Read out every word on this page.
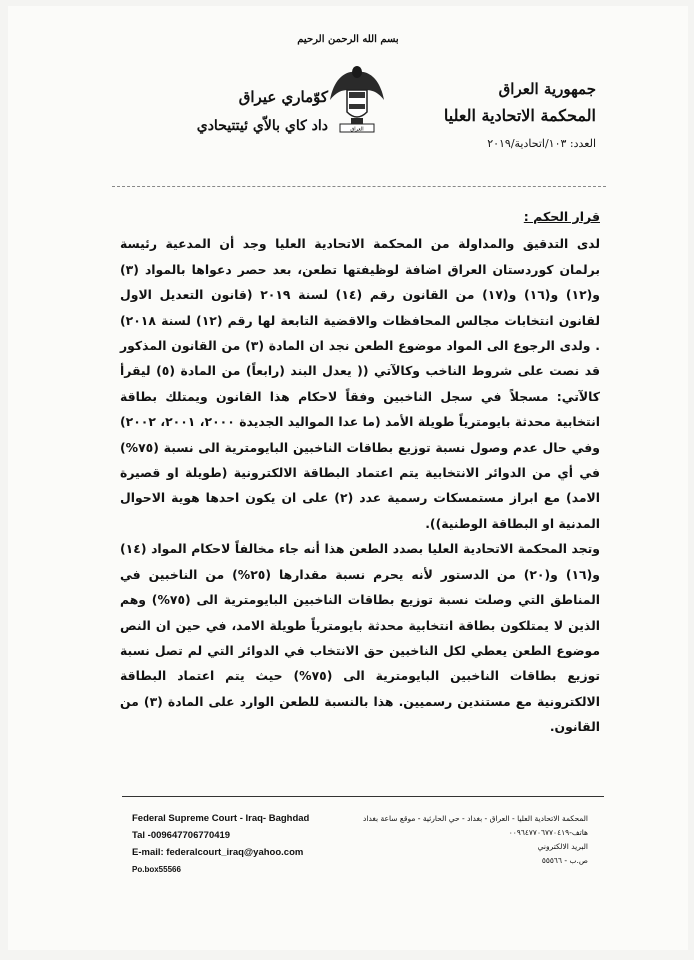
بسم الله الرحمن الرحيم
جمهورية العراق
المحكمة الاتحادية العليا
العدد: ١٠٣/اتحادية/٢٠١٩
العراق
كوّماري عيراق
داد كاي بالاّي ئيتتيحادي
قرار الحكم :

لدى التدقيق والمداولة من المحكمة الاتحادية العليا وجد أن المدعية رئيسة برلمان كوردستان العراق اضافة لوظيفتها تطعن، بعد حصر دعواها بالمواد (٣) و(١٢) و(١٦) و(١٧) من القانون رقم (١٤) لسنة ٢٠١٩ (قانون التعديل الاول لقانون انتخابات مجالس المحافظات والاقضية التابعة لها رقم (١٢) لسنة ٢٠١٨) . ولدى الرجوع الى المواد موضوع الطعن نجد ان المادة (٣) من القانون المذكور قد نصت على شروط الناخب وكالآتي (( يعدل البند (رابعاً) من المادة (٥) ليقرأ كالآتي: مسجلاً في سجل الناخبين وفقاً لاحكام هذا القانون ويمتلك بطاقة انتخابية محدثة بايومترياً طويلة الأمد (ما عدا المواليد الجديدة ٢٠٠٠، ٢٠٠١، ٢٠٠٢) وفي حال عدم وصول نسبة توزيع بطاقات الناخبين البايومترية الى نسبة (٧٥%) في أي من الدوائر الانتخابية يتم اعتماد البطاقة الالكترونية (طويلة او قصيرة الامد) مع ابراز مستمسكات رسمية عدد (٢) على ان يكون احدها هوية الاحوال المدنية او البطاقة الوطنية)).

وتجد المحكمة الاتحادية العليا بصدد الطعن هذا أنه جاء مخالفاً لاحكام المواد (١٤) و(١٦) و(٢٠) من الدستور لأنه يحرم نسبة مقدارها (٢٥%) من الناخبين في المناطق التي وصلت نسبة توزيع بطاقات الناخبين البايومترية الى (٧٥%) وهم الذين لا يمتلكون بطاقة انتخابية محدثة بايومترياً طويلة الامد، في حين ان النص موضوع الطعن يعطي لكل الناخبين حق الانتخاب في الدوائر التي لم تصل نسبة توزيع بطاقات الناخبين البايومترية الى (٧٥%) حيث يتم اعتماد البطاقة الالكترونية مع مستندين رسميين. هذا بالنسبة للطعن الوارد على المادة (٣) من القانون.

Federal Supreme Court - Iraq- Baghdad
Tal -009647706770419
E-mail: federalcourt_iraq@yahoo.com
Po.box55566
المحكمة الاتحادية العليا - العراق - بغداد - حي الحارثية - موقع ساعة بغداد
هاتف-٠٠٩٦٤٧٧٠٦٧٧٠٤١٩
البريد الالكتروني
ص.ب - ٥٥٥٦٦
